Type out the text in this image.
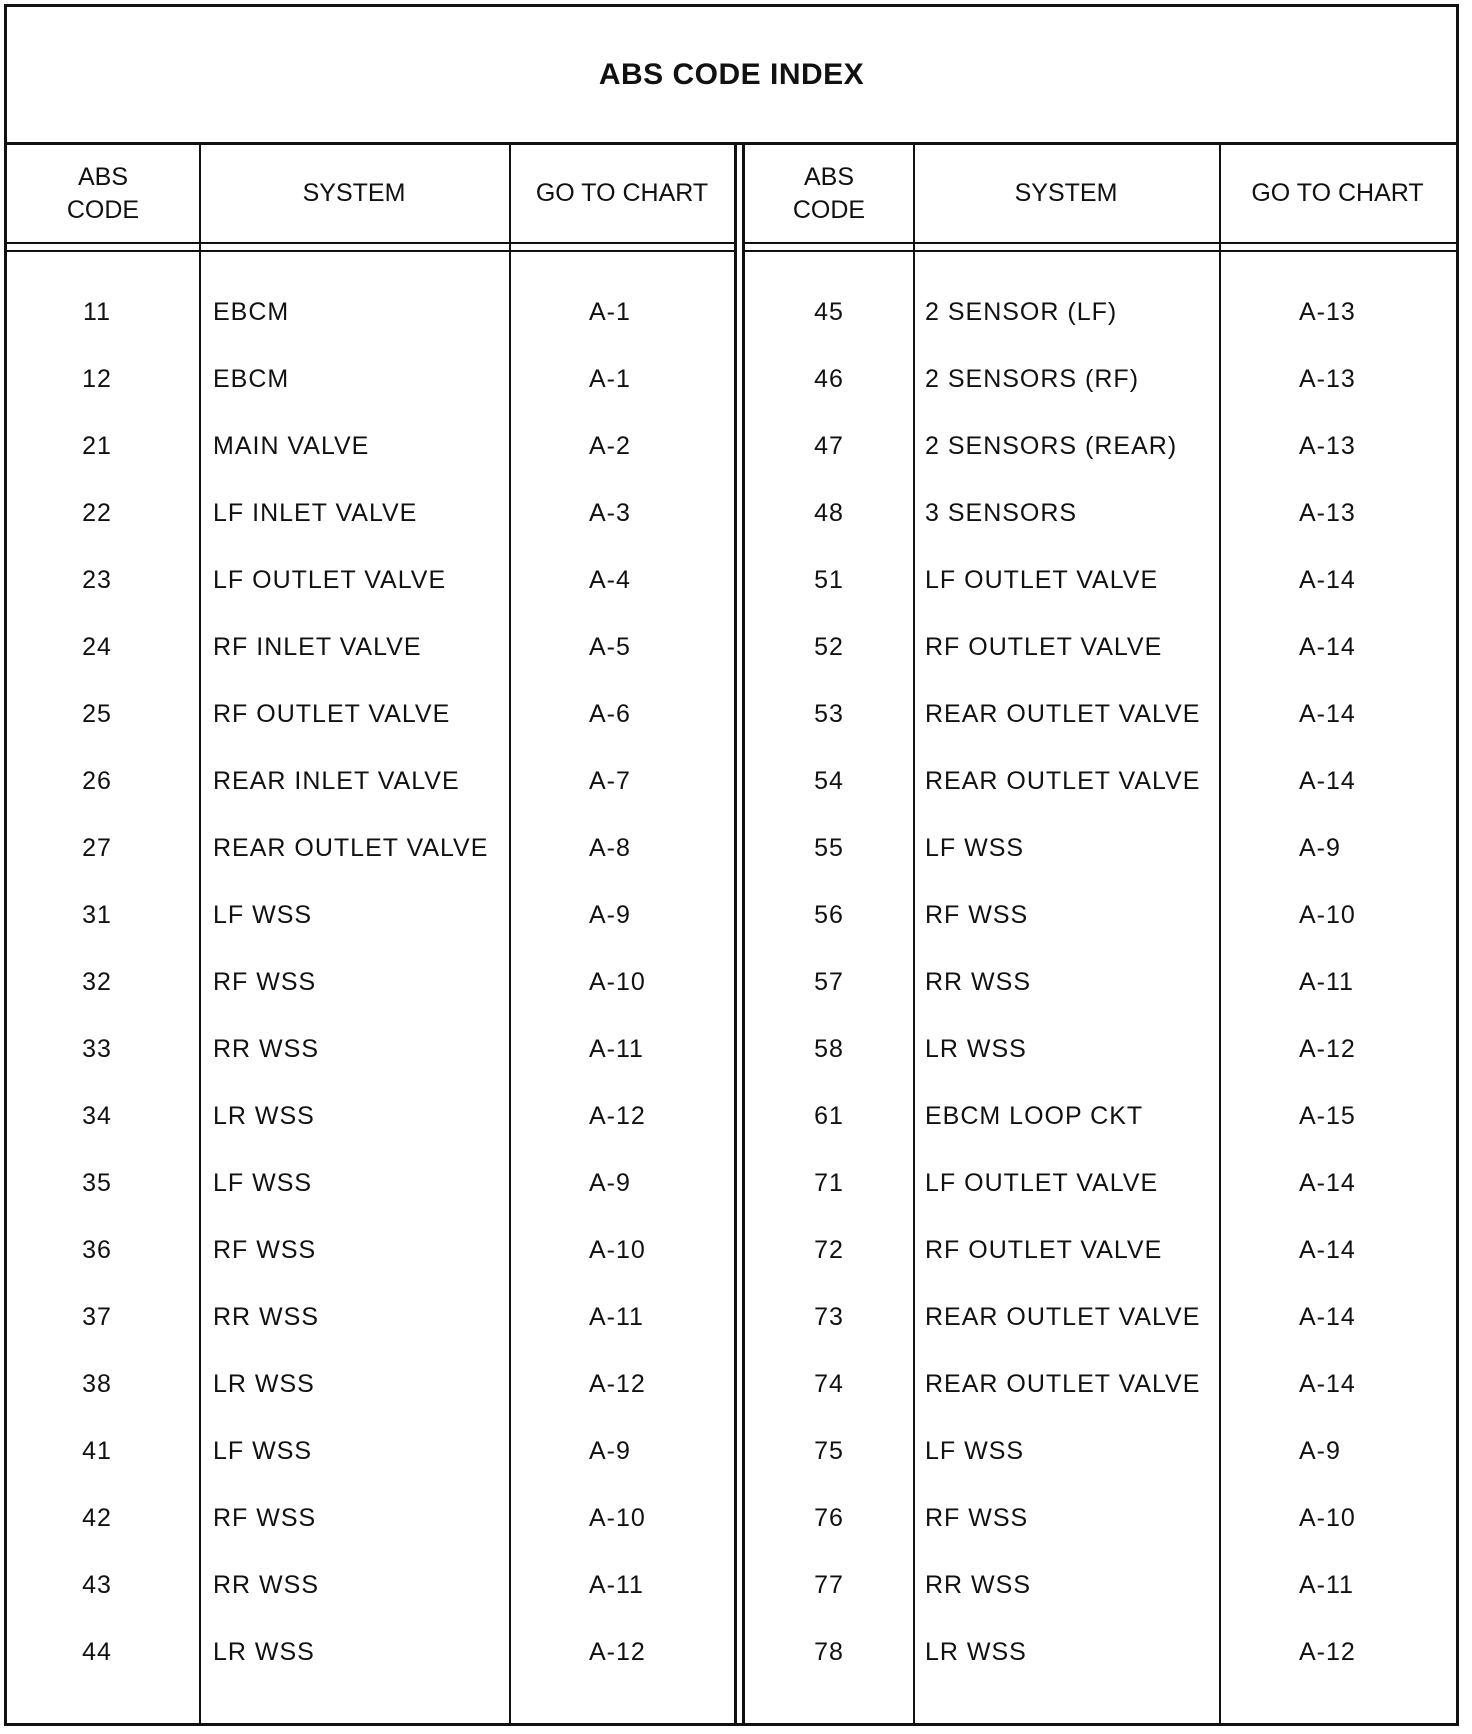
ABS CODE INDEX
ABS
CODE
SYSTEM	GO TO CHART
11	EBCM	A-1
12	EBCM	A-1
21	MAIN VALVE	A-2
22	LF INLET VALVE	A-3
23	LF OUTLET VALVE	A-4
24	RF INLET VALVE	A-5
25	RF OUTLET VALVE	A-6
26	REAR INLET VALVE	A-7
27	REAR OUTLET VALVE	A-8
31	LF WSS	A-9
32	RF WSS	A-10
33	RR WSS	A-11
34	LR WSS	A-12
35	LF WSS	A-9
36	RF WSS	A-10
37	RR WSS	A-11
38	LR WSS	A-12
41	LF WSS	A-9
42	RF WSS	A-10
43	RR WSS	A-11
44	LR WSS	A-12
ABS
CODE
SYSTEM	GO TO CHART
45	2 SENSOR (LF)	A-13
46	2 SENSORS (RF)	A-13
47	2 SENSORS (REAR)	A-13
48	3 SENSORS	A-13
51	LF OUTLET VALVE	A-14
52	RF OUTLET VALVE	A-14
53	REAR OUTLET VALVE	A-14
54	REAR OUTLET VALVE	A-14
55	LF WSS	A-9
56	RF WSS	A-10
57	RR WSS	A-11
58	LR WSS	A-12
61	EBCM LOOP CKT	A-15
71	LF OUTLET VALVE	A-14
72	RF OUTLET VALVE	A-14
73	REAR OUTLET VALVE	A-14
74	REAR OUTLET VALVE	A-14
75	LF WSS	A-9
76	RF WSS	A-10
77	RR WSS	A-11
78	LR WSS	A-12
